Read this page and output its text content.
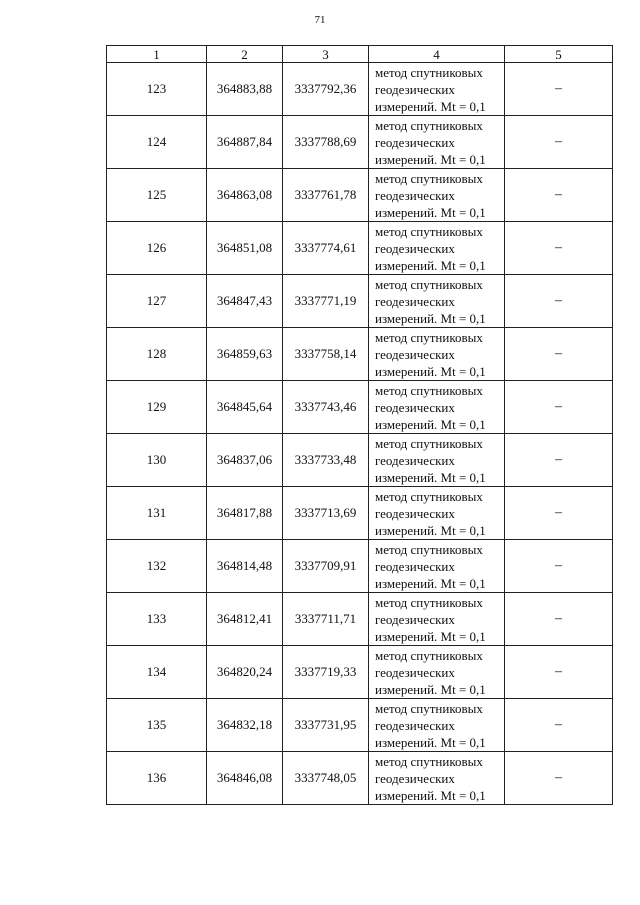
71
1	2	3	4	5
123	364883,88	3337792,36	метод спутниковых
геодезических
измерений. Mt = 0,1	–
124	364887,84	3337788,69	метод спутниковых
геодезических
измерений. Mt = 0,1	–
125	364863,08	3337761,78	метод спутниковых
геодезических
измерений. Mt = 0,1	–
126	364851,08	3337774,61	метод спутниковых
геодезических
измерений. Mt = 0,1	–
127	364847,43	3337771,19	метод спутниковых
геодезических
измерений. Mt = 0,1	–
128	364859,63	3337758,14	метод спутниковых
геодезических
измерений. Mt = 0,1	–
129	364845,64	3337743,46	метод спутниковых
геодезических
измерений. Mt = 0,1	–
130	364837,06	3337733,48	метод спутниковых
геодезических
измерений. Mt = 0,1	–
131	364817,88	3337713,69	метод спутниковых
геодезических
измерений. Mt = 0,1	–
132	364814,48	3337709,91	метод спутниковых
геодезических
измерений. Mt = 0,1	–
133	364812,41	3337711,71	метод спутниковых
геодезических
измерений. Mt = 0,1	–
134	364820,24	3337719,33	метод спутниковых
геодезических
измерений. Mt = 0,1	–
135	364832,18	3337731,95	метод спутниковых
геодезических
измерений. Mt = 0,1	–
136	364846,08	3337748,05	метод спутниковых
геодезических
измерений. Mt = 0,1	–
